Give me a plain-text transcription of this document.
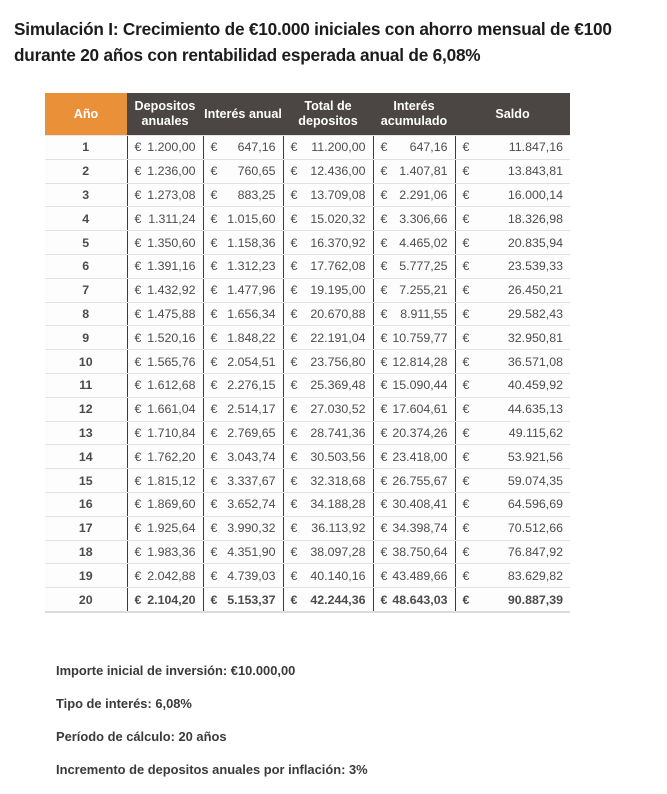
Simulación I: Crecimiento de €10.000 iniciales con ahorro mensual de €100 durante 20 años con rentabilidad esperada anual de 6,08%
Año	Depositos anuales	Interés anual	Total de depositos	Interés acumulado	Saldo
1	€ 1.200,00	€ 647,16	€ 11.200,00	€ 647,16	€ 11.847,16

2	€ 1.236,00	€ 760,65	€ 12.436,00	€ 1.407,81	€ 13.843,81

3	€ 1.273,08	€ 883,25	€ 13.709,08	€ 2.291,06	€ 16.000,14

4	€ 1.311,24	€ 1.015,60	€ 15.020,32	€ 3.306,66	€ 18.326,98

5	€ 1.350,60	€ 1.158,36	€ 16.370,92	€ 4.465,02	€ 20.835,94

6	€ 1.391,16	€ 1.312,23	€ 17.762,08	€ 5.777,25	€ 23.539,33

7	€ 1.432,92	€ 1.477,96	€ 19.195,00	€ 7.255,21	€ 26.450,21

8	€ 1.475,88	€ 1.656,34	€ 20.670,88	€ 8.911,55	€ 29.582,43

9	€ 1.520,16	€ 1.848,22	€ 22.191,04	€ 10.759,77	€ 32.950,81

10	€ 1.565,76	€ 2.054,51	€ 23.756,80	€ 12.814,28	€ 36.571,08

11	€ 1.612,68	€ 2.276,15	€ 25.369,48	€ 15.090,44	€ 40.459,92

12	€ 1.661,04	€ 2.514,17	€ 27.030,52	€ 17.604,61	€ 44.635,13

13	€ 1.710,84	€ 2.769,65	€ 28.741,36	€ 20.374,26	€ 49.115,62

14	€ 1.762,20	€ 3.043,74	€ 30.503,56	€ 23.418,00	€ 53.921,56

15	€ 1.815,12	€ 3.337,67	€ 32.318,68	€ 26.755,67	€ 59.074,35

16	€ 1.869,60	€ 3.652,74	€ 34.188,28	€ 30.408,41	€ 64.596,69

17	€ 1.925,64	€ 3.990,32	€ 36.113,92	€ 34.398,74	€ 70.512,66

18	€ 1.983,36	€ 4.351,90	€ 38.097,28	€ 38.750,64	€ 76.847,92

19	€ 2.042,88	€ 4.739,03	€ 40.140,16	€ 43.489,66	€ 83.629,82

20	€ 2.104,20	€ 5.153,37	€ 42.244,36	€ 48.643,03	€ 90.887,39
Importe inicial de inversión: €10.000,00
Tipo de interés: 6,08%
Período de cálculo: 20 años
Incremento de depositos anuales por inflación: 3%
